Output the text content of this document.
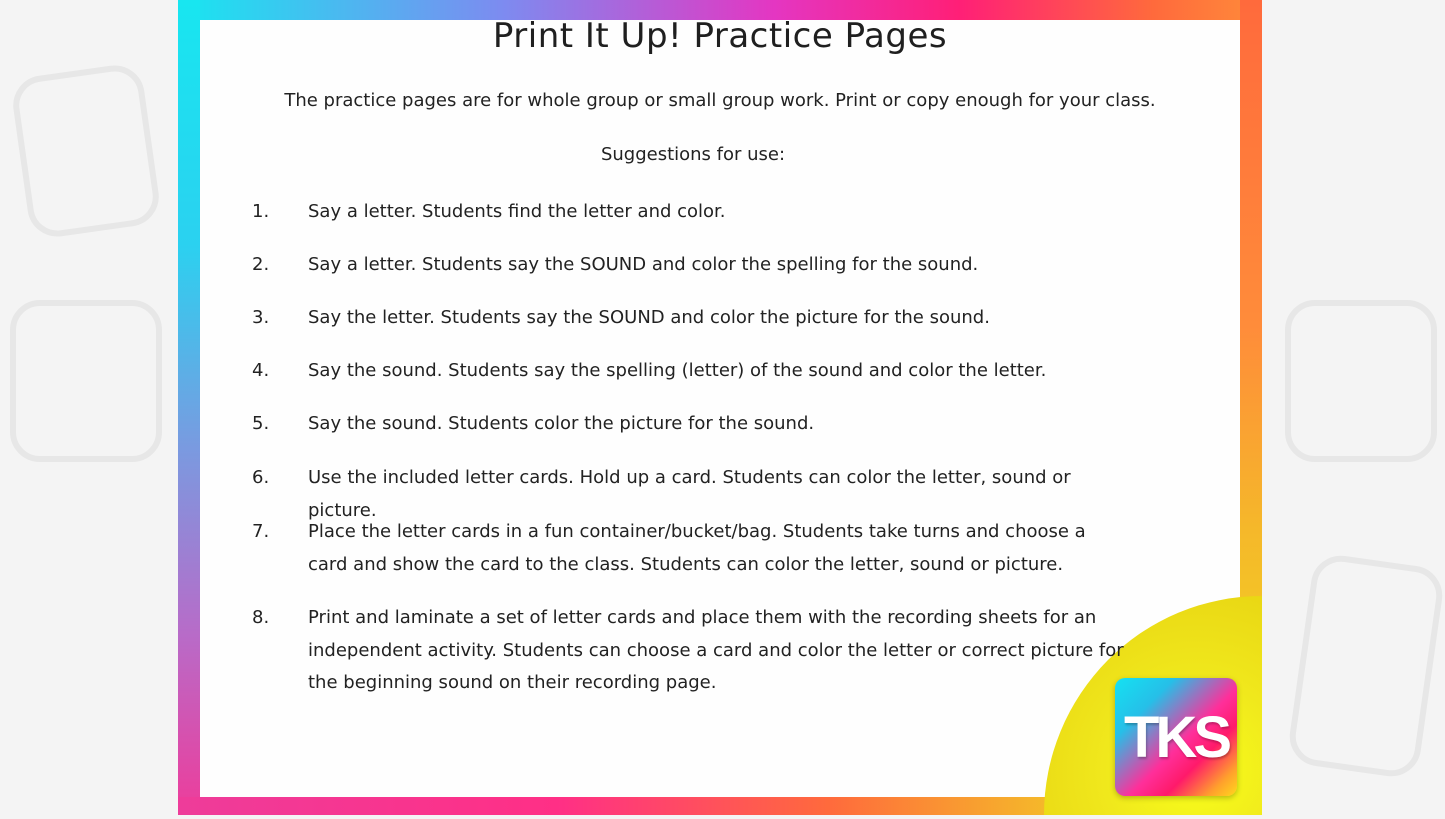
Print It Up! Practice Pages
The practice pages are for whole group or small group work. Print or copy enough for your class.
Suggestions for use:
1.	Say a letter. Students find the letter and color.
2.	Say a letter. Students say the SOUND and color the spelling for the sound.
3.	Say the letter. Students say the SOUND and color the picture for the sound.
4.	Say the sound. Students say the spelling (letter) of the sound and color the letter.
5.	Say the sound. Students color the picture for the sound.
6.	Use the included letter cards. Hold up a card. Students can color the letter, sound or picture.
7.	Place the letter cards in a fun container/bucket/bag. Students take turns and choose a card and show the card to the class. Students can color the letter, sound or picture.
8.	Print and laminate a set of letter cards and place them with the recording sheets for an independent activity. Students can choose a card and color the letter or correct picture for the beginning sound on their recording page.
TKS
